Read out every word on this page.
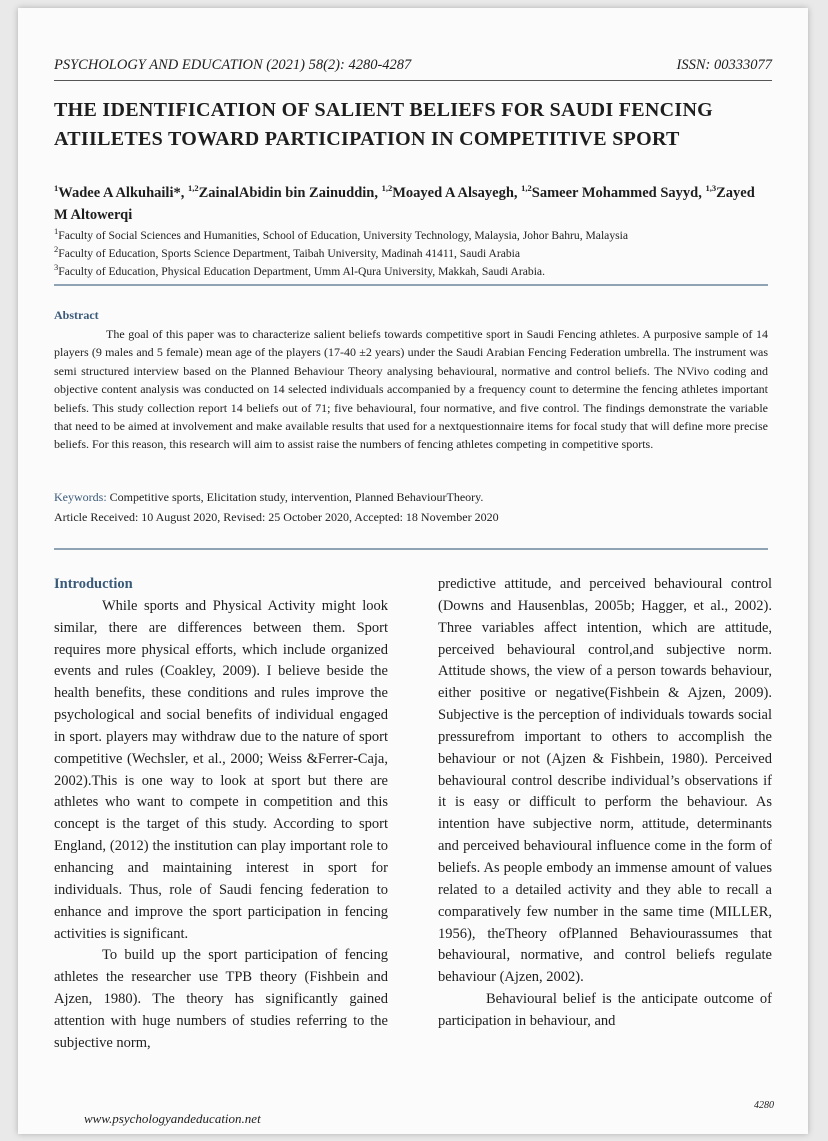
PSYCHOLOGY AND EDUCATION (2021) 58(2): 4280-4287	ISSN: 00333077
THE IDENTIFICATION OF SALIENT BELIEFS FOR SAUDI FENCING ATIILETES TOWARD PARTICIPATION IN COMPETITIVE SPORT
$^1$Wadee A Alkuhaili*, $^{1,2}$ZainalAbidin bin Zainuddin, $^{1,2}$Moayed A Alsayegh, $^{1,2}$Sameer Mohammed Sayyd, $^{1,3}$Zayed M Altowerqi
$^1$Faculty of Social Sciences and Humanities, School of Education, University Technology, Malaysia, Johor Bahru, Malaysia
$^2$Faculty of Education, Sports Science Department, Taibah University, Madinah 41411, Saudi Arabia
$^3$Faculty of Education, Physical Education Department, Umm Al-Qura University, Makkah, Saudi Arabia.
Abstract
The goal of this paper was to characterize salient beliefs towards competitive sport in Saudi Fencing athletes. A purposive sample of 14 players (9 males and 5 female) mean age of the players (17-40 ±2 years) under the Saudi Arabian Fencing Federation umbrella. The instrument was semi structured interview based on the Planned Behaviour Theory analysing behavioural, normative and control beliefs. The NVivo coding and objective content analysis was conducted on 14 selected individuals accompanied by a frequency count to determine the fencing athletes important beliefs. This study collection report 14 beliefs out of 71; five behavioural, four normative, and five control. The findings demonstrate the variable that need to be aimed at involvement and make available results that used for a nextquestionnaire items for focal study that will define more precise beliefs. For this reason, this research will aim to assist raise the numbers of fencing athletes competing in competitive sports.
Keywords: Competitive sports, Elicitation study, intervention, Planned BehaviourTheory.
Article Received: 10 August 2020, Revised: 25 October 2020, Accepted: 18 November 2020

Introduction

While sports and Physical Activity might look similar, there are differences between them. Sport requires more physical efforts, which include organized events and rules (Coakley, 2009). I believe beside the health benefits, these conditions and rules improve the psychological and social benefits of individual engaged in sport. players may withdraw due to the nature of sport competitive (Wechsler, et al., 2000; Weiss &Ferrer-Caja, 2002).This is one way to look at sport but there are athletes who want to compete in competition and this concept is the target of this study. According to sport England, (2012) the institution can play important role to enhancing and maintaining interest in sport for individuals. Thus, role of Saudi fencing federation to enhance and improve the sport participation in fencing activities is significant.

To build up the sport participation of fencing athletes the researcher use TPB theory (Fishbein and Ajzen, 1980). The theory has significantly gained attention with huge numbers of studies referring to the subjective norm,

predictive attitude, and perceived behavioural control (Downs and Hausenblas, 2005b; Hagger, et al., 2002). Three variables affect intention, which are attitude, perceived behavioural control,and subjective norm. Attitude shows, the view of a person towards behaviour, either positive or negative(Fishbein & Ajzen, 2009). Subjective is the perception of individuals towards social pressurefrom important to others to accomplish the behaviour or not (Ajzen & Fishbein, 1980). Perceived behavioural control describe individual’s observations if it is easy or difficult to perform the behaviour. As intention have subjective norm, attitude, determinants and perceived behavioural influence come in the form of beliefs. As people embody an immense amount of values related to a detailed activity and they able to recall a comparatively few number in the same time (MILLER, 1956), theTheory ofPlanned Behaviourassumes that behavioural, normative, and control beliefs regulate behaviour (Ajzen, 2002).

Behavioural belief is the anticipate outcome of participation in behaviour, and

4280
www.psychologyandeducation.net
